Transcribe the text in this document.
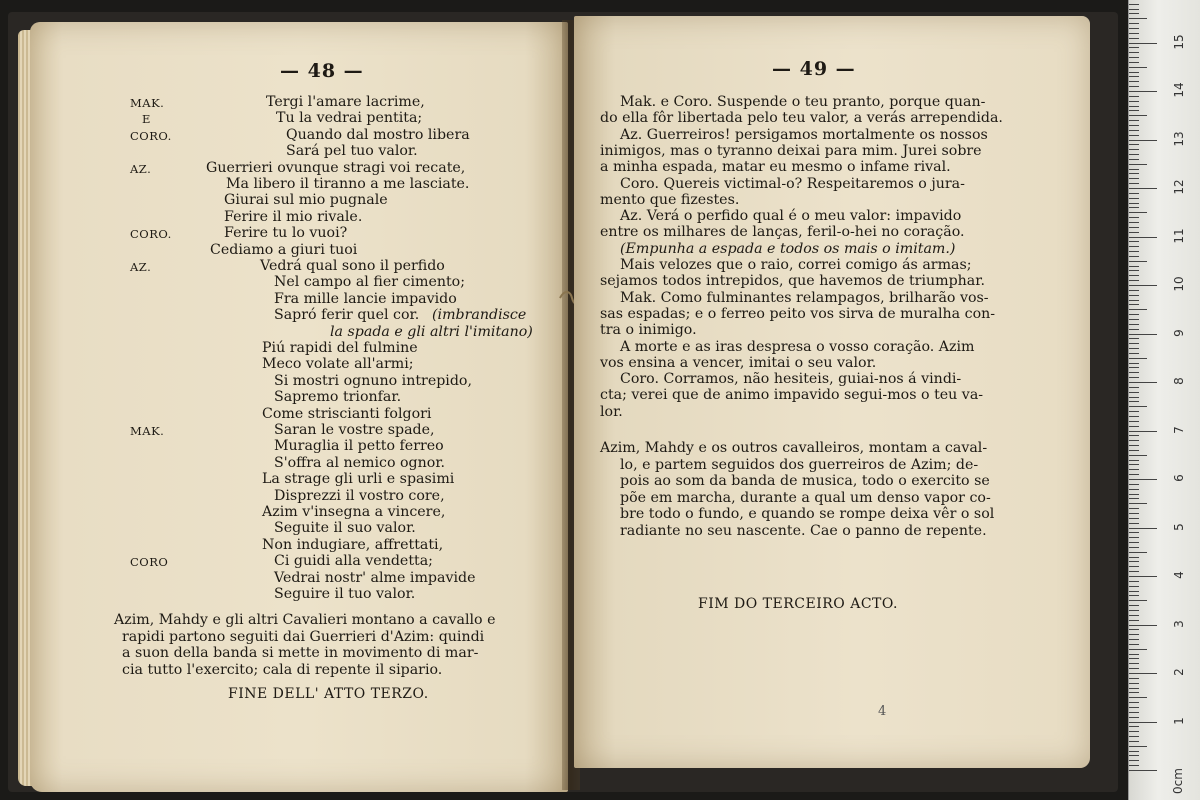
— 48 —
MAK.
E
CORO.
AZ.
CORO.
AZ.
MAK.
CORO
Tergi l'amare lacrime,
Tu la vedrai pentita;
Quando dal mostro libera
Sará pel tuo valor.
Guerrieri ovunque stragi voi recate,
Ma libero il tiranno a me lasciate.
Giurai sul mio pugnale
Ferire il mio rivale.
Ferire tu lo vuoi?
Cediamo a giuri tuoi
Vedrá qual sono il perfido
Nel campo al fier cimento;
Fra mille lancie impavido
Sapró ferir quel cor. (imbrandisce
la spada e gli altri l'imitano)
Piú rapidi del fulmine
Meco volate all'armi;
Si mostri ognuno intrepido,
Sapremo trionfar.
Come striscianti folgori
Saran le vostre spade,
Muraglia il petto ferreo
S'offra al nemico ognor.
La strage gli urli e spasimi
Disprezzi il vostro core,
Azim v'insegna a vincere,
Seguite il suo valor.
Non indugiare, affrettati,
Ci guidi alla vendetta;
Vedrai nostr' alme impavide
Seguire il tuo valor.
Azim, Mahdy e gli altri Cavalieri montano a cavallo e
rapidi partono seguiti dai Guerrieri d'Azim: quindi
a suon della banda si mette in movimento di mar-
cia tutto l'exercito; cala di repente il sipario.
FINE DELL' ATTO TERZO.
— 49 —
Mak. e Coro. Suspende o teu pranto, porque quan-
do ella fôr libertada pelo teu valor, a verás arrependida.
Az. Guerreiros! persigamos mortalmente os nossos
inimigos, mas o tyranno deixai para mim. Jurei sobre
a minha espada, matar eu mesmo o infame rival.
Coro. Quereis victimal-o? Respeitaremos o jura-
mento que fizestes.
Az. Verá o perfido qual é o meu valor: impavido
entre os milhares de lanças, feril-o-hei no coração.
(Empunha a espada e todos os mais o imitam.)
Mais velozes que o raio, correi comigo ás armas;
sejamos todos intrepidos, que havemos de triumphar.
Mak. Como fulminantes relampagos, brilharão vos-
sas espadas; e o ferreo peito vos sirva de muralha con-
tra o inimigo.
A morte e as iras despresa o vosso coração. Azim
vos ensina a vencer, imitai o seu valor.
Coro. Corramos, não hesiteis, guiai-nos á vindi-
cta; verei que de animo impavido segui-mos o teu va-
lor.
Azim, Mahdy e os outros cavalleiros, montam a caval-
lo, e partem seguidos dos guerreiros de Azim; de-
pois ao som da banda de musica, todo o exercito se
põe em marcha, durante a qual um denso vapor co-
bre todo o fundo, e quando se rompe deixa vêr o sol
radiante no seu nascente. Cae o panno de repente.
FIM DO TERCEIRO ACTO.
4
1
2
3
4
5
6
7
8
9
10
11
12
13
14
15
0cm
